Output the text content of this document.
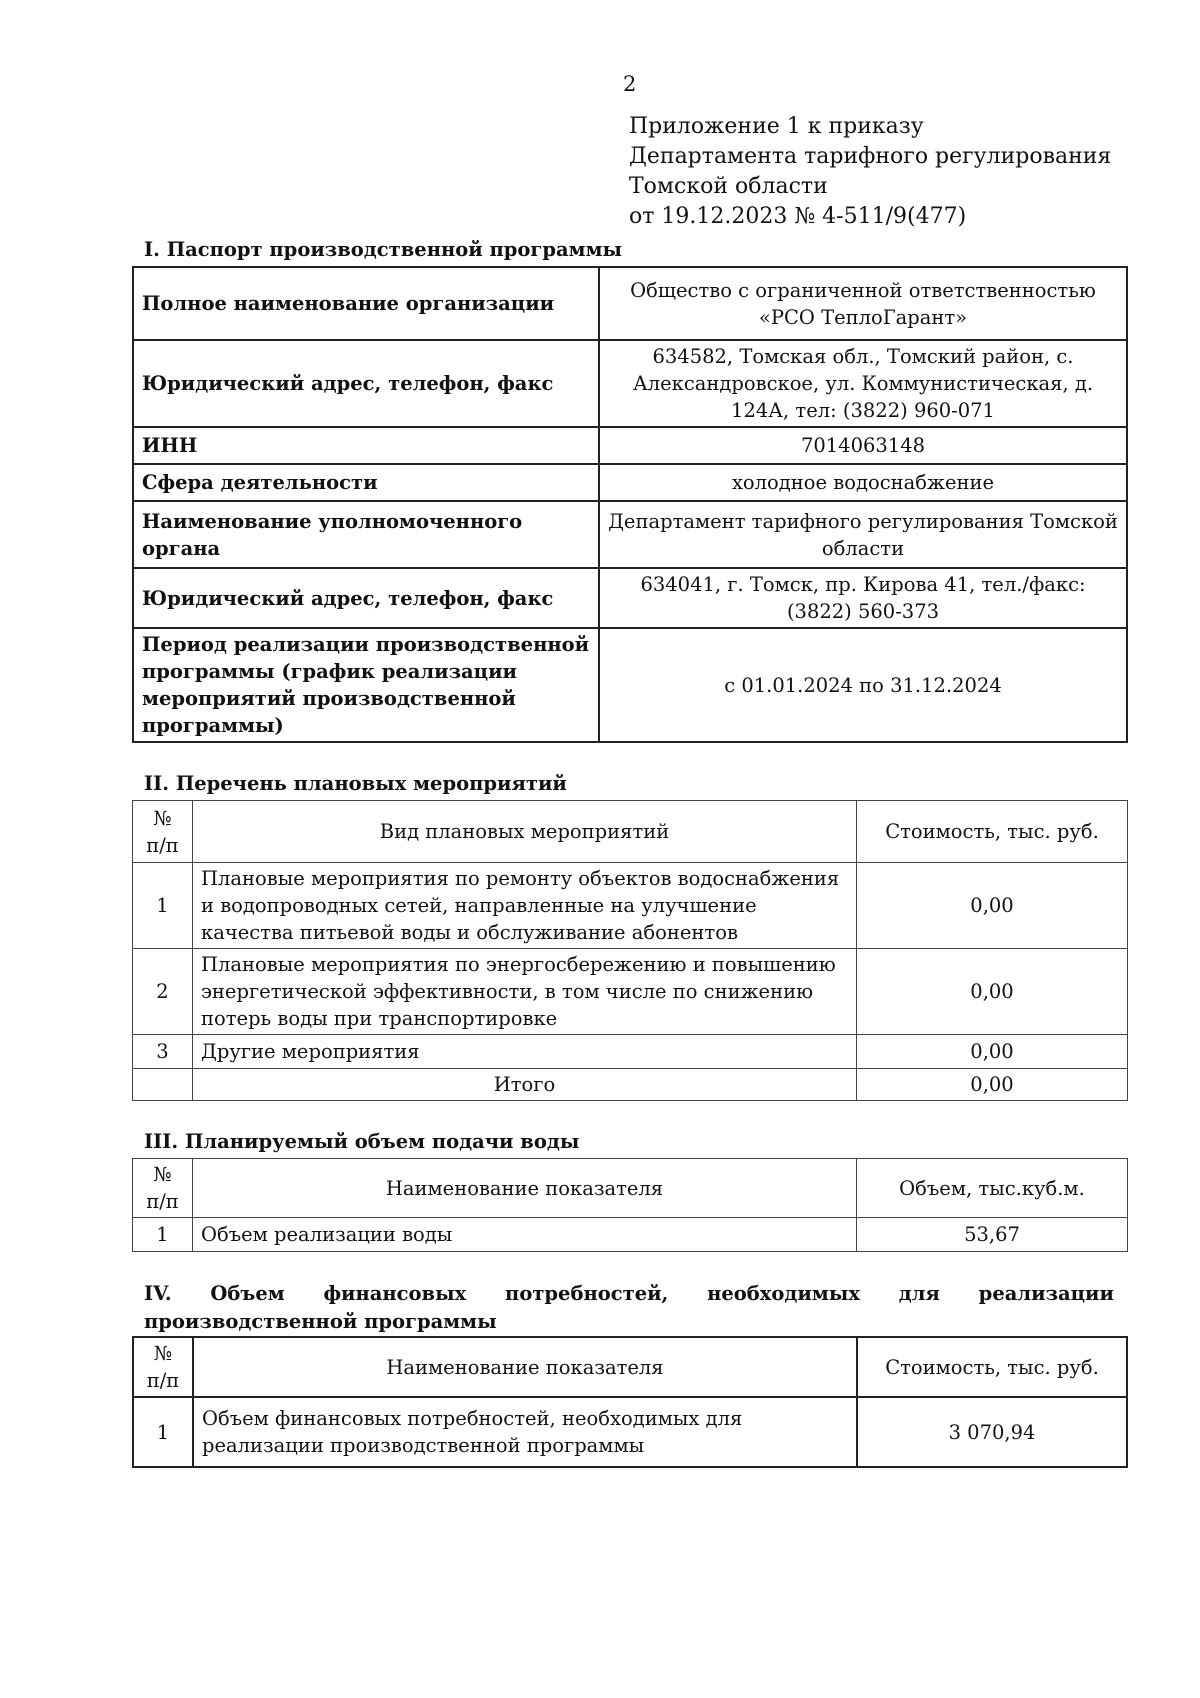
2
Приложение 1 к приказу
Департамента тарифного регулирования
Томской области
от 19.12.2023 № 4-511/9(477)
I. Паспорт производственной программы
Полное наименование организации	Общество с ограниченной ответственностью «РСО ТеплоГарант»
Юридический адрес, телефон, факс	634582, Томская обл., Томский район, с. Александровское, ул. Коммунистическая, д. 124А, тел: (3822) 960-071
ИНН	7014063148
Сфера деятельности	холодное водоснабжение
Наименование уполномоченного органа	Департамент тарифного регулирования Томской области
Юридический адрес, телефон, факс	634041, г. Томск, пр. Кирова 41, тел./факс: (3822) 560-373
Период реализации производственной программы (график реализации мероприятий производственной программы)	с 01.01.2024 по 31.12.2024
II. Перечень плановых мероприятий
№ п/п	Вид плановых мероприятий	Стоимость, тыс. руб.
1	Плановые мероприятия по ремонту объектов водоснабжения и водопроводных сетей, направленные на улучшение качества питьевой воды и обслуживание абонентов	0,00
2	Плановые мероприятия по энергосбережению и повышению энергетической эффективности, в том числе по снижению потерь воды при транспортировке	0,00
3	Другие мероприятия	0,00
	Итого	0,00
III. Планируемый объем подачи воды
№ п/п	Наименование показателя	Объем, тыс.куб.м.
1	Объем реализации воды	53,67
IV. Объем финансовых потребностей, необходимых для реализации производственной программы
№ п/п	Наименование показателя	Стоимость, тыс. руб.
1	Объем финансовых потребностей, необходимых для реализации производственной программы	3 070,94
